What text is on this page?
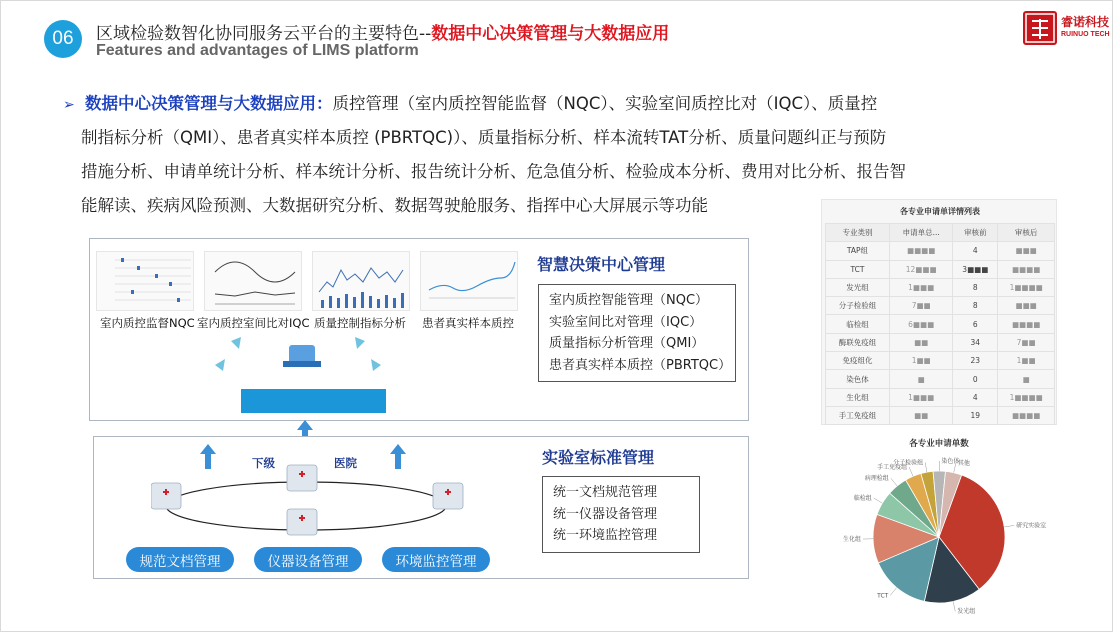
06	区域检验数智化协同服务云平台的主要特色--数据中心决策管理与大数据应用
Features and advantages of LIMS platform
睿诺科技
RUINUO TECH
➢ 数据中心决策管理与大数据应用：质控管理（室内质控智能监督（NQC）、实验室间质控比对（IQC）、质量控
制指标分析（QMI）、患者真实样本质控 (PBRTQC)）、质量指标分析、样本流转TAT分析、质量问题纠正与预防
措施分析、申请单统计分析、样本统计分析、报告统计分析、危急值分析、检验成本分析、费用对比分析、报告智
能解读、疾病风险预测、大数据研究分析、数据驾驶舱服务、指挥中心大屏展示等功能
室内质控监督NQC 室内质控室间比对IQC 质量控制指标分析 患者真实样本质控
智慧决策中心管理
室内质控智能管理（NQC）
实验室间比对管理（IQC）
质量指标分析管理（QMI）
患者真实样本质控（PBRTQC）
下级	医院
规范文档管理	仪器设备管理	环境监控管理
实验室标准管理
统一文档规范管理
统一仪器设备管理
统一环境监控管理
各专业申请单详情列表
专业类别	申请单总...	审核前	审核后
TAP组	■■■■	4	■■■
TCT	12■■■	3■■■	■■■■
发光组	1■■■	8	1■■■■
分子检验组	7■■	8	■■■
临检组	6■■■	6	■■■■
酶联免疫组	■■	34	7■■
免疫组化	1■■	23	1■■
染色体	■	0	■
生化组	1■■■	4	1■■■■
手工免疫组	■■	19	■■■■
各专业申请单数
研究实验室
发光组
TCT
生化组
临检组
病理检组
手工免疫组
分子检验组	染色体
其他
